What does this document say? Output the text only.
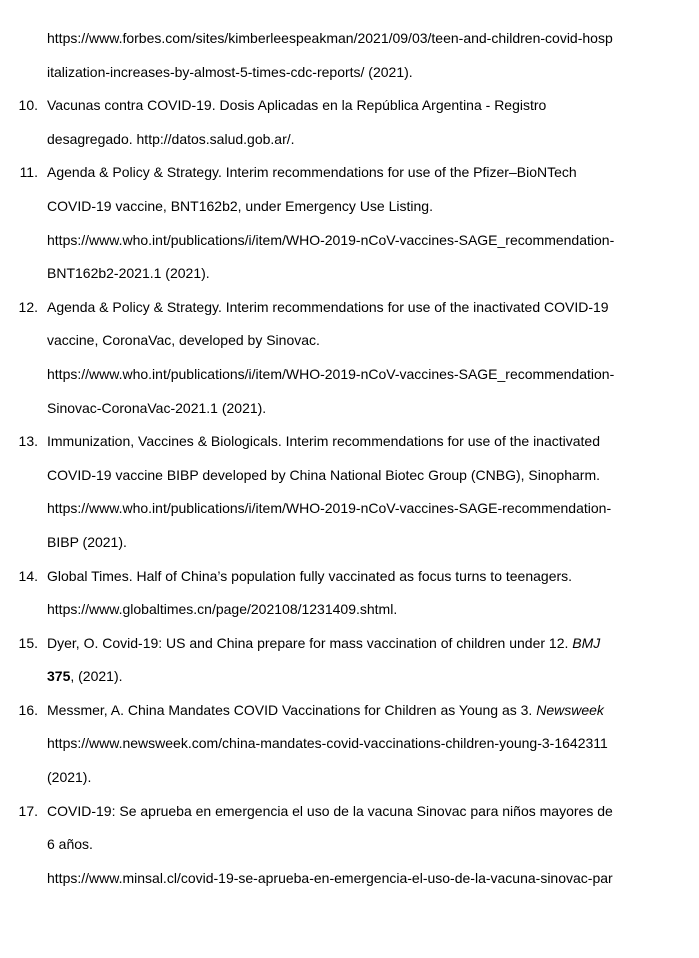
https://www.forbes.com/sites/kimberleespeakman/2021/09/03/teen-and-children-covid-hosp
italization-increases-by-almost-5-times-cdc-reports/ (2021).
10. Vacunas contra COVID-19. Dosis Aplicadas en la República Argentina - Registro
desagregado. http://datos.salud.gob.ar/.
11. Agenda & Policy & Strategy. Interim recommendations for use of the Pfizer–BioNTech
COVID-19 vaccine, BNT162b2, under Emergency Use Listing.
https://www.who.int/publications/i/item/WHO-2019-nCoV-vaccines-SAGE_recommendation-
BNT162b2-2021.1 (2021).
12. Agenda & Policy & Strategy. Interim recommendations for use of the inactivated COVID-19
vaccine, CoronaVac, developed by Sinovac.
https://www.who.int/publications/i/item/WHO-2019-nCoV-vaccines-SAGE_recommendation-
Sinovac-CoronaVac-2021.1 (2021).
13. Immunization, Vaccines & Biologicals. Interim recommendations for use of the inactivated
COVID-19 vaccine BIBP developed by China National Biotec Group (CNBG), Sinopharm.
https://www.who.int/publications/i/item/WHO-2019-nCoV-vaccines-SAGE-recommendation-
BIBP (2021).
14. Global Times. Half of China’s population fully vaccinated as focus turns to teenagers.
https://www.globaltimes.cn/page/202108/1231409.shtml.
15. Dyer, O. Covid-19: US and China prepare for mass vaccination of children under 12. BMJ
375, (2021).
16. Messmer, A. China Mandates COVID Vaccinations for Children as Young as 3. Newsweek
https://www.newsweek.com/china-mandates-covid-vaccinations-children-young-3-1642311
(2021).
17. COVID-19: Se aprueba en emergencia el uso de la vacuna Sinovac para niños mayores de
6 años.
https://www.minsal.cl/covid-19-se-aprueba-en-emergencia-el-uso-de-la-vacuna-sinovac-par
